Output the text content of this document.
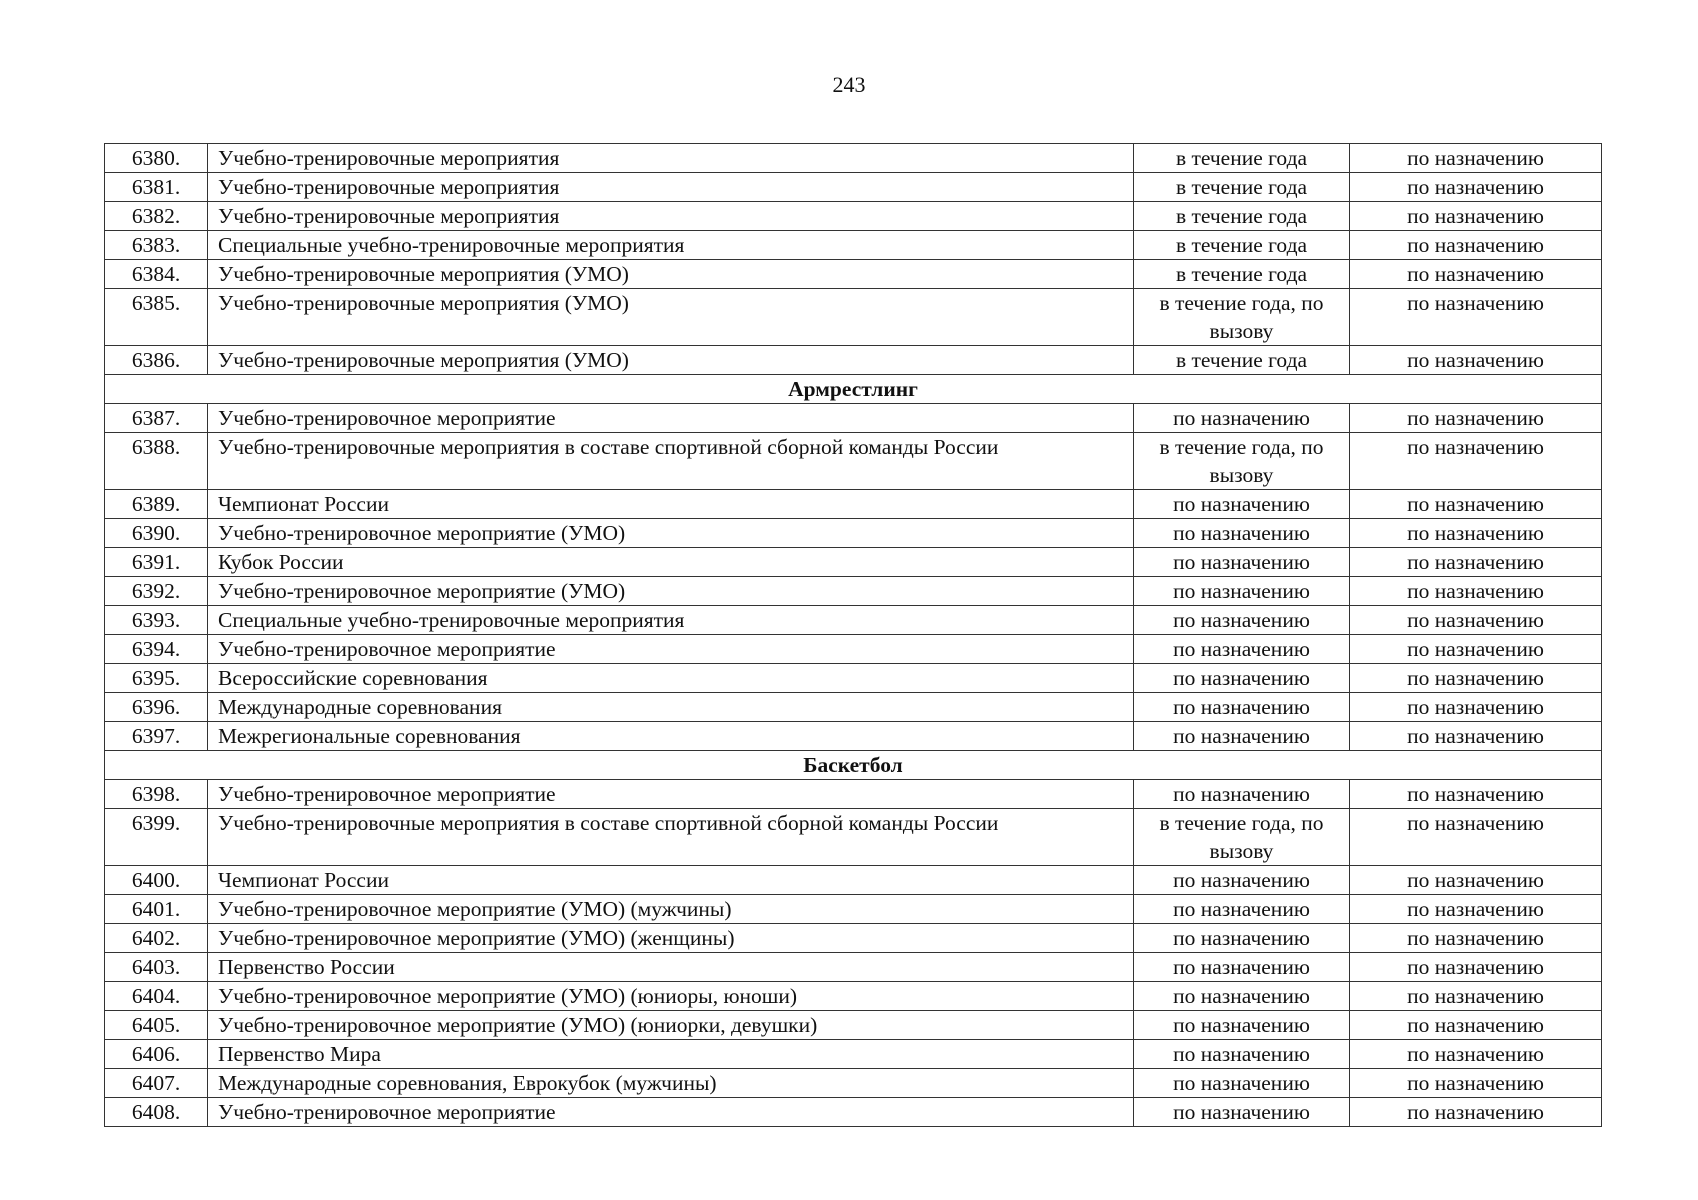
243
6380.	Учебно-тренировочные мероприятия	в течение года	по назначению
6381.	Учебно-тренировочные мероприятия	в течение года	по назначению
6382.	Учебно-тренировочные мероприятия	в течение года	по назначению
6383.	Специальные учебно-тренировочные мероприятия	в течение года	по назначению
6384.	Учебно-тренировочные мероприятия (УМО)	в течение года	по назначению
6385.	Учебно-тренировочные мероприятия (УМО)	в течение года, по вызову	по назначению
6386.	Учебно-тренировочные мероприятия (УМО)	в течение года	по назначению
Армрестлинг			
6387.	Учебно-тренировочное мероприятие	по назначению	по назначению
6388.	Учебно-тренировочные мероприятия в составе спортивной сборной команды России	в течение года, по вызову	по назначению
6389.	Чемпионат России	по назначению	по назначению
6390.	Учебно-тренировочное мероприятие (УМО)	по назначению	по назначению
6391.	Кубок России	по назначению	по назначению
6392.	Учебно-тренировочное мероприятие (УМО)	по назначению	по назначению
6393.	Специальные учебно-тренировочные мероприятия	по назначению	по назначению
6394.	Учебно-тренировочное мероприятие	по назначению	по назначению
6395.	Всероссийские соревнования	по назначению	по назначению
6396.	Международные соревнования	по назначению	по назначению
6397.	Межрегиональные соревнования	по назначению	по назначению
Баскетбол			
6398.	Учебно-тренировочное мероприятие	по назначению	по назначению
6399.	Учебно-тренировочные мероприятия в составе спортивной сборной команды России	в течение года, по вызову	по назначению
6400.	Чемпионат России	по назначению	по назначению
6401.	Учебно-тренировочное мероприятие (УМО) (мужчины)	по назначению	по назначению
6402.	Учебно-тренировочное мероприятие (УМО) (женщины)	по назначению	по назначению
6403.	Первенство России	по назначению	по назначению
6404.	Учебно-тренировочное мероприятие (УМО) (юниоры, юноши)	по назначению	по назначению
6405.	Учебно-тренировочное мероприятие (УМО) (юниорки, девушки)	по назначению	по назначению
6406.	Первенство Мира	по назначению	по назначению
6407.	Международные соревнования, Еврокубок (мужчины)	по назначению	по назначению
6408.	Учебно-тренировочное мероприятие	по назначению	по назначению
